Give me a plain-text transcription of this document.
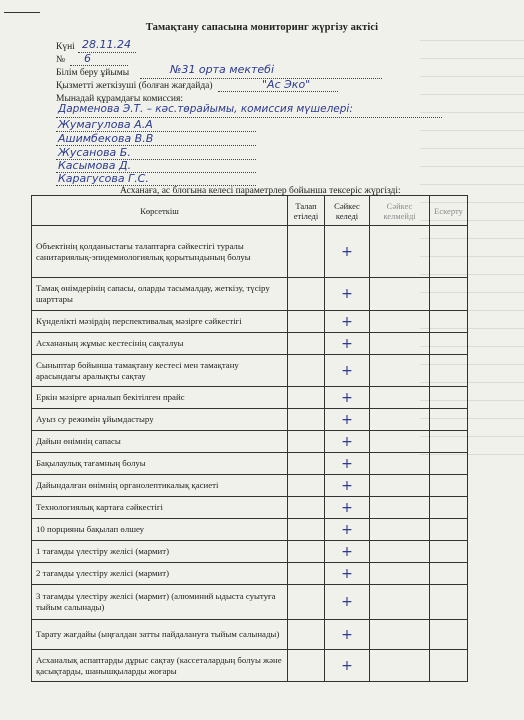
Тамақтану сапасына мониторинг жүргізу актісі
Күні 28.11.24
№ 6
Білім беру ұйымы	№31 орта мектебі
Қызметті жеткізуші (болған жағдайда)	"Ас Эко"
Мынадай құрамдағы комиссия:
Дарменова Э.Т. – кәс.төрайымы, комиссия мүшелері:
Жумагулова А.А
Ашимбекова В.В
Жусанова Б.
Касымова Д.
Карагусова Г.С.
Асханаға, ас блогына келесі параметрлер бойынша тексеріс жүргізді:
Көрсеткіш	Талап етіледі	Сәйкес келеді	Сәйкес келмейді	Ескерту
Объектінің қолданыстағы талаптарға сәйкестігі туралы санитариялық-эпидемиологиялық қорытындының болуы		+		
Тамақ өнімдерінің сапасы, оларды тасымалдау, жеткізу, түсіру шарттары		+		
Күнделікті мәзірдің перспективалық мәзірге сәйкестігі		+		
Асхананың жұмыс кестесінің сақталуы		+		
Сыныптар бойынша тамақтану кестесі мен тамақтану арасындағы аралықты сақтау		+		
Еркін мәзірге арналып бекітілген прайс		+		
Ауыз су режимін ұйымдастыру		+		
Дайын өнімнің сапасы		+		
Бақылаулық тағамның болуы		+		
Дайындалған өнімнің органолептикалық қасиеті		+		
Технологиялық картаға сәйкестігі		+		
10 порцияны бақылап өлшеу		+		
1 тағамды үлестіру желісі (мармит)		+		
2 тағамды үлестіру желісі (мармит)		+		
3 тағамды үлестіру желісі (мармит) (алюминий ыдыста суытуға тыйым салынады)		+		
Тарату жағдайы (ыңғалдан затты пайдалануға тыйым салынады)		+		
Асханалық аспаптарды дұрыс сақтау (кассеталардың болуы және қасықтарды, шанышқыларды жоғары		+		
